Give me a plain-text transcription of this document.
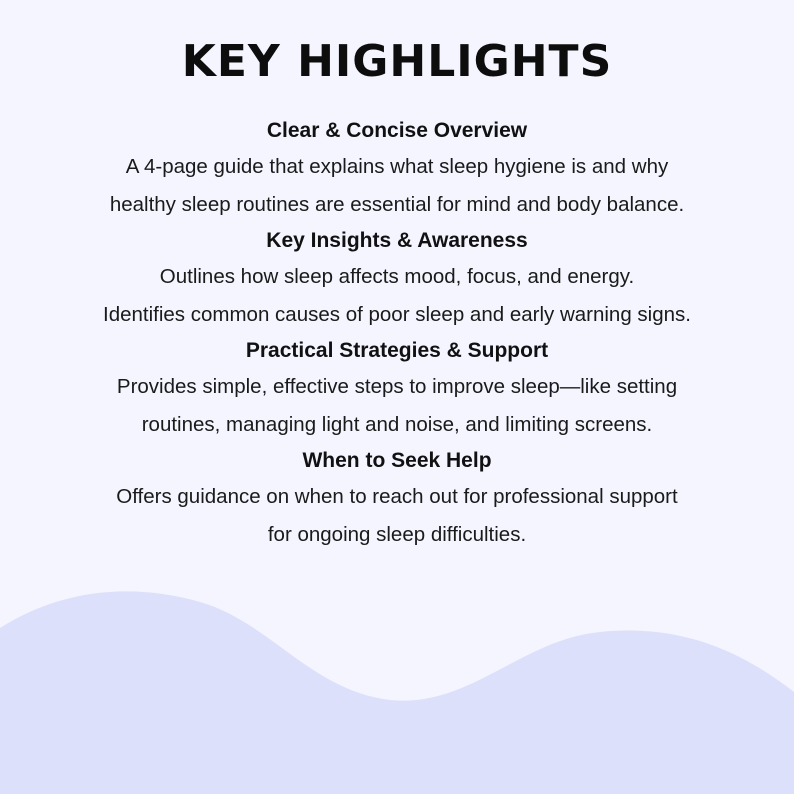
KEY HIGHLIGHTS
Clear & Concise Overview
A 4-page guide that explains what sleep hygiene is and why
healthy sleep routines are essential for mind and body balance.
Key Insights & Awareness
Outlines how sleep affects mood, focus, and energy.
Identifies common causes of poor sleep and early warning signs.
Practical Strategies & Support
Provides simple, effective steps to improve sleep—like setting
routines, managing light and noise, and limiting screens.
When to Seek Help
Offers guidance on when to reach out for professional support
for ongoing sleep difficulties.
